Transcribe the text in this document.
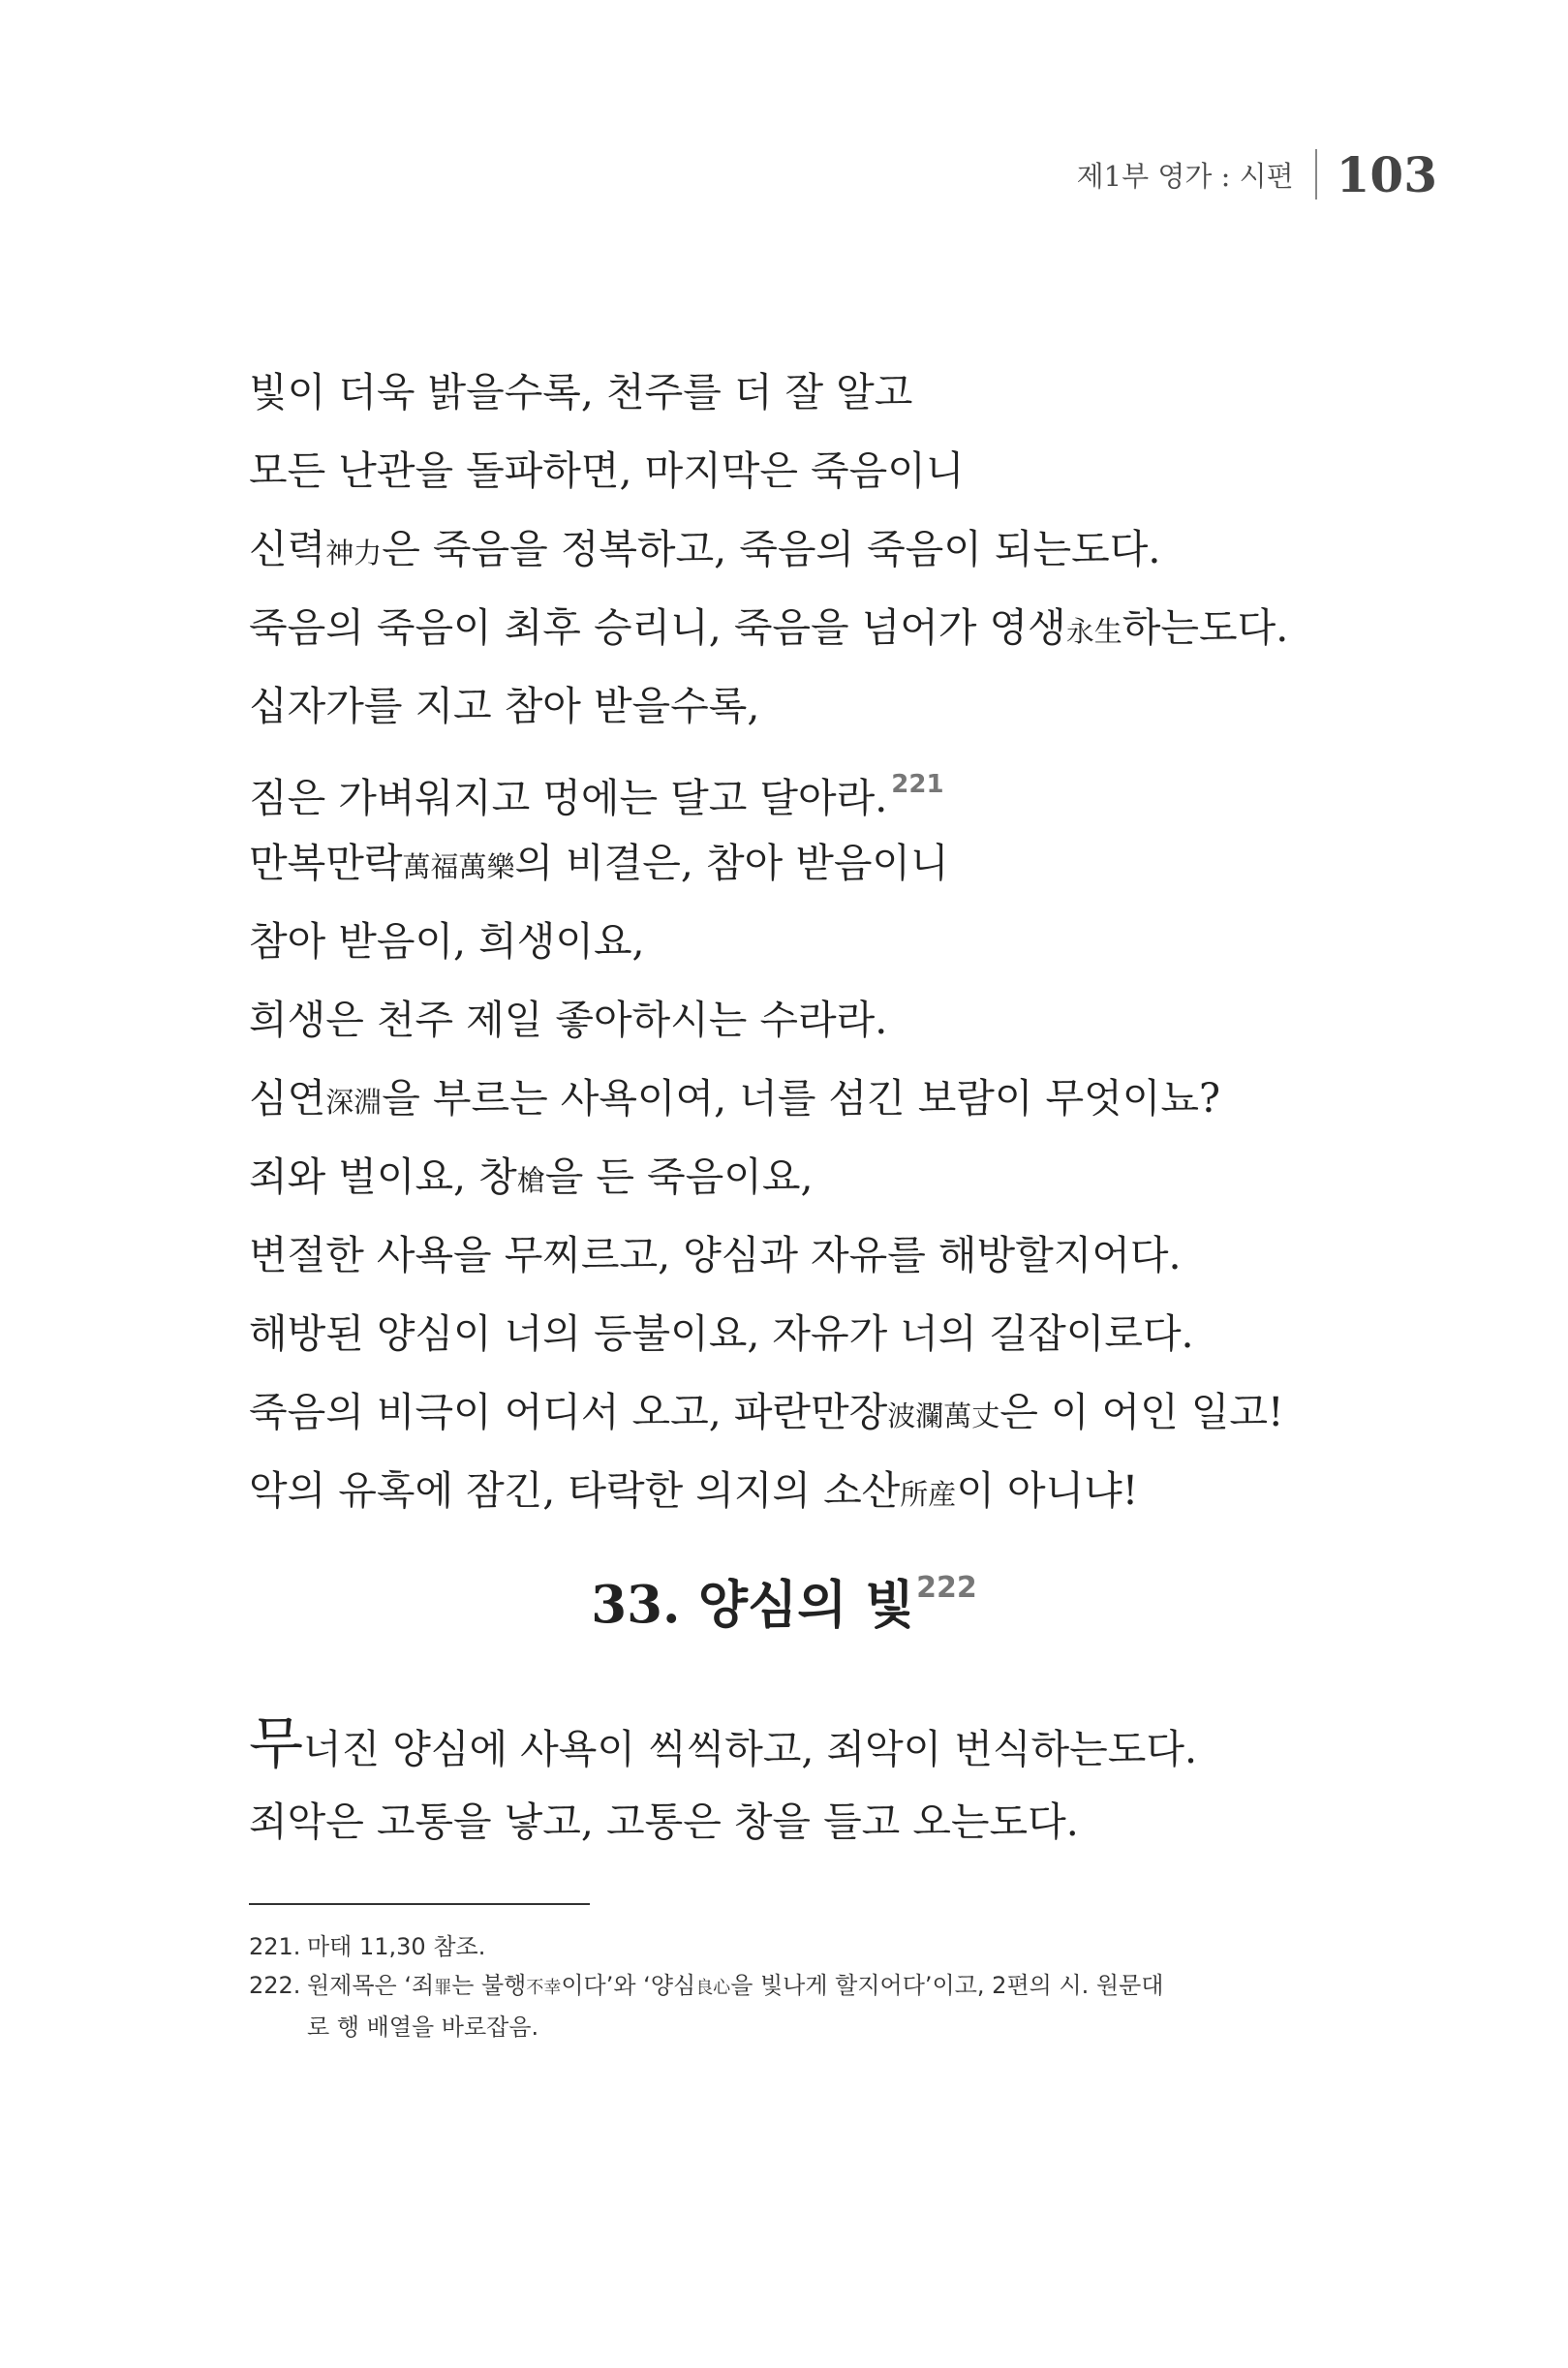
제1부 영가 : 시편 103
빛이 더욱 밝을수록, 천주를 더 잘 알고
모든 난관을 돌파하면, 마지막은 죽음이니
신력神力은 죽음을 정복하고, 죽음의 죽음이 되는도다.
죽음의 죽음이 최후 승리니, 죽음을 넘어가 영생永生하는도다.
십자가를 지고 참아 받을수록,
짐은 가벼워지고 멍에는 달고 달아라. $^{221}$
만복만락萬福萬樂의 비결은, 참아 받음이니
참아 받음이, 희생이요,
희생은 천주 제일 좋아하시는 수라라.
심연深淵을 부르는 사욕이여, 너를 섬긴 보람이 무엇이뇨?
죄와 벌이요, 창槍을 든 죽음이요,
변절한 사욕을 무찌르고, 양심과 자유를 해방할지어다.
해방된 양심이 너의 등불이요, 자유가 너의 길잡이로다.
죽음의 비극이 어디서 오고, 파란만장波瀾萬丈은 이 어인 일고!
악의 유혹에 잠긴, 타락한 의지의 소산所産이 아니냐!
33. 양심의 빛$^{222}$
무너진 양심에 사욕이 씩씩하고, 죄악이 번식하는도다.
죄악은 고통을 낳고, 고통은 창을 들고 오는도다.
221. 마태 11,30 참조.
222. 원제목은 ‘죄罪는 불행不幸이다’와 ‘양심良心을 빛나게 할지어다’이고, 2편의 시. 원문대
로 행 배열을 바로잡음.
